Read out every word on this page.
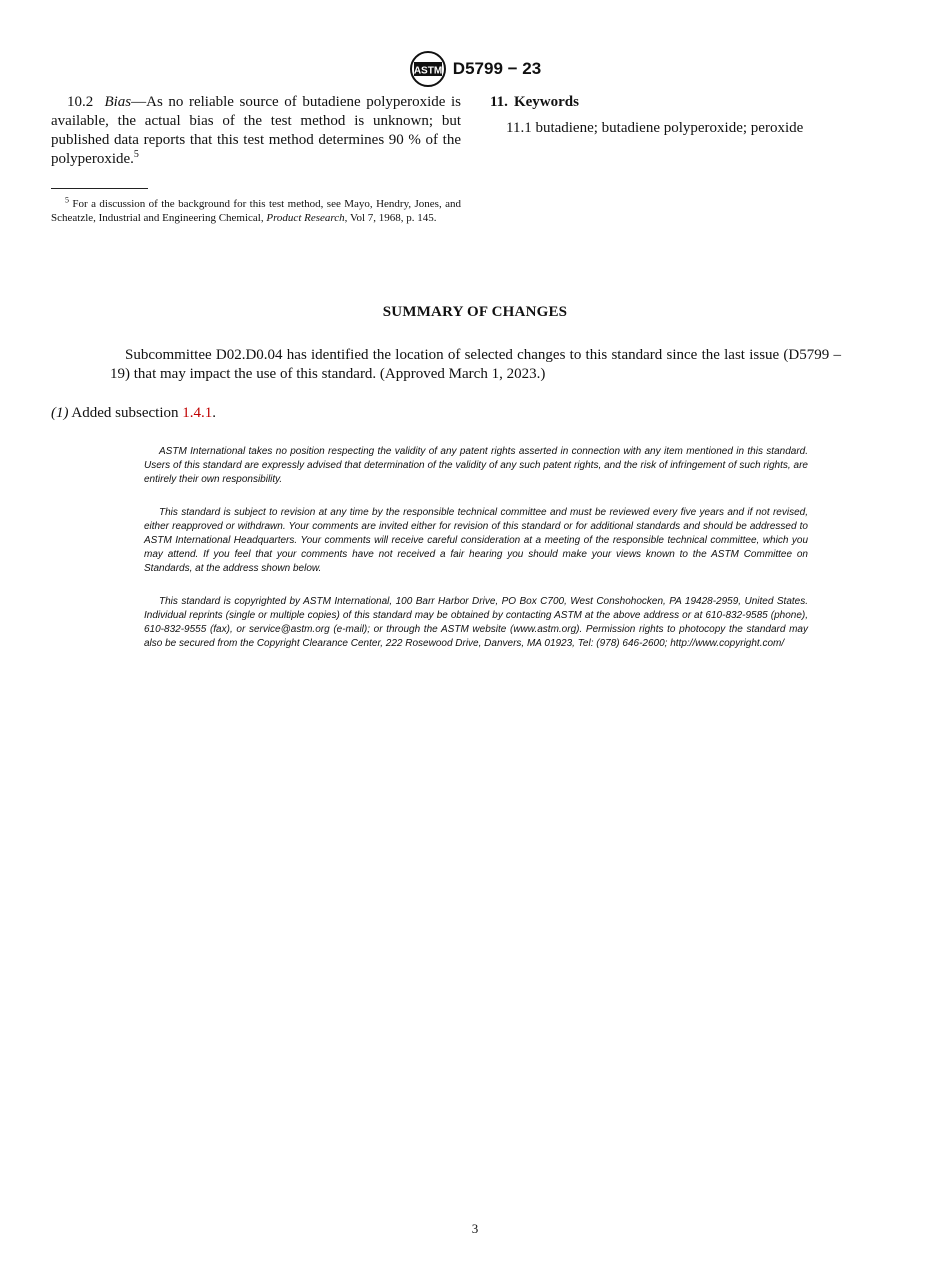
ASTM D5799 − 23

10.2 Bias—As no reliable source of butadiene polyperoxide is available, the actual bias of the test method is unknown; but published data reports that this test method determines 90 % of the polyperoxide.$^5$

$^5$ For a discussion of the background for this test method, see Mayo, Hendry, Jones, and Scheatzle, Industrial and Engineering Chemical, Product Research, Vol 7, 1968, p. 145.

11. Keywords

11.1 butadiene; butadiene polyperoxide; peroxide

SUMMARY OF CHANGES

Subcommittee D02.D0.04 has identified the location of selected changes to this standard since the last issue (D5799 – 19) that may impact the use of this standard. (Approved March 1, 2023.)

(1) Added subsection 1.4.1.

ASTM International takes no position respecting the validity of any patent rights asserted in connection with any item mentioned in this standard. Users of this standard are expressly advised that determination of the validity of any such patent rights, and the risk of infringement of such rights, are entirely their own responsibility.

This standard is subject to revision at any time by the responsible technical committee and must be reviewed every five years and if not revised, either reapproved or withdrawn. Your comments are invited either for revision of this standard or for additional standards and should be addressed to ASTM International Headquarters. Your comments will receive careful consideration at a meeting of the responsible technical committee, which you may attend. If you feel that your comments have not received a fair hearing you should make your views known to the ASTM Committee on Standards, at the address shown below.

This standard is copyrighted by ASTM International, 100 Barr Harbor Drive, PO Box C700, West Conshohocken, PA 19428-2959, United States. Individual reprints (single or multiple copies) of this standard may be obtained by contacting ASTM at the above address or at 610-832-9585 (phone), 610-832-9555 (fax), or service@astm.org (e-mail); or through the ASTM website (www.astm.org). Permission rights to photocopy the standard may also be secured from the Copyright Clearance Center, 222 Rosewood Drive, Danvers, MA 01923, Tel: (978) 646-2600; http://www.copyright.com/

3
